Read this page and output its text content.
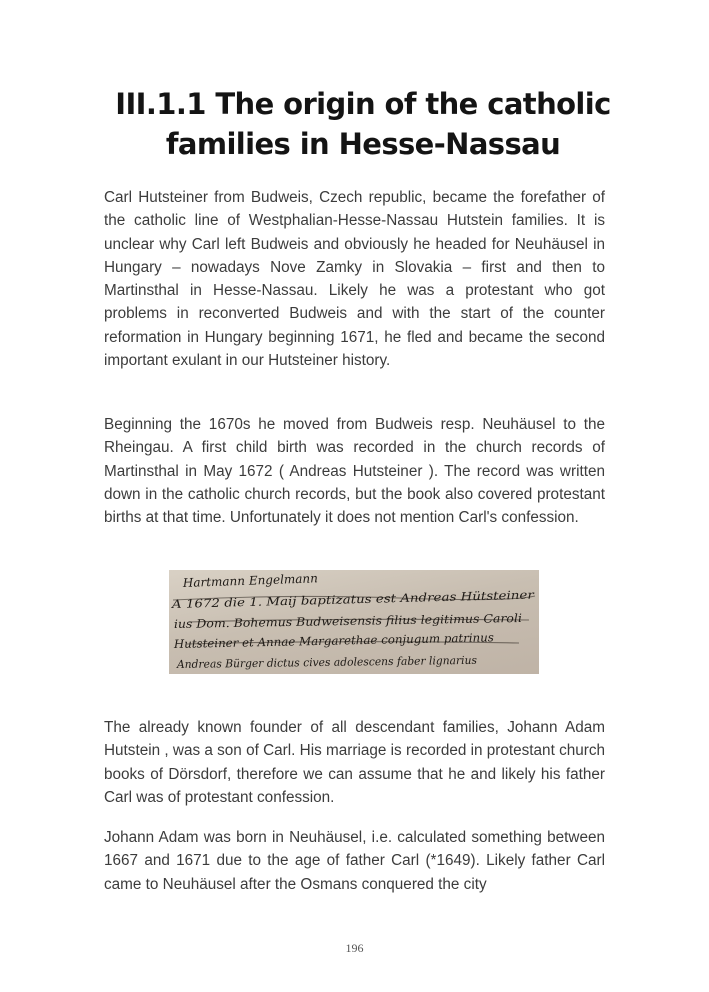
III.1.1 The origin of the catholic
families in Hesse-Nassau

Carl Hutsteiner from Budweis, Czech republic, became the forefather of the catholic line of Westphalian-Hesse-Nassau Hutstein families. It is unclear why Carl left Budweis and obviously he headed for Neuhäusel in Hungary – nowadays Nove Zamky in Slovakia – first and then to Martinsthal in Hesse-Nassau. Likely he was a protestant who got problems in reconverted Budweis and with the start of the counter reformation in Hungary beginning 1671, he fled and became the second important exulant in our Hutsteiner history.

Beginning the 1670s he moved from Budweis resp. Neuhäusel to the Rheingau. A first child birth was recorded in the church records of Martinsthal in May 1672 ( Andreas Hutsteiner ). The record was written down in the catholic church records, but the book also covered protestant births at that time. Unfortunately it does not mention Carl's confession.

Hartmann Engelmann
A 1672 die 1. Maij baptizatus est Andreas Hütsteiner
ius Dom. Bohemus Budweisensis filius legitimus Caroli
Hutsteiner et Annae Margarethae conjugum patrinus
Andreas Bürger dictus cives adolescens faber lignarius

The already known founder of all descendant families, Johann Adam Hutstein , was a son of Carl. His marriage is recorded in protestant church books of Dörsdorf, therefore we can assume that he and likely his father Carl was of protestant confession.

Johann Adam was born in Neuhäusel, i.e. calculated something between 1667 and 1671 due to the age of father Carl (*1649). Likely father Carl came to Neuhäusel after the Osmans conquered the city

196
